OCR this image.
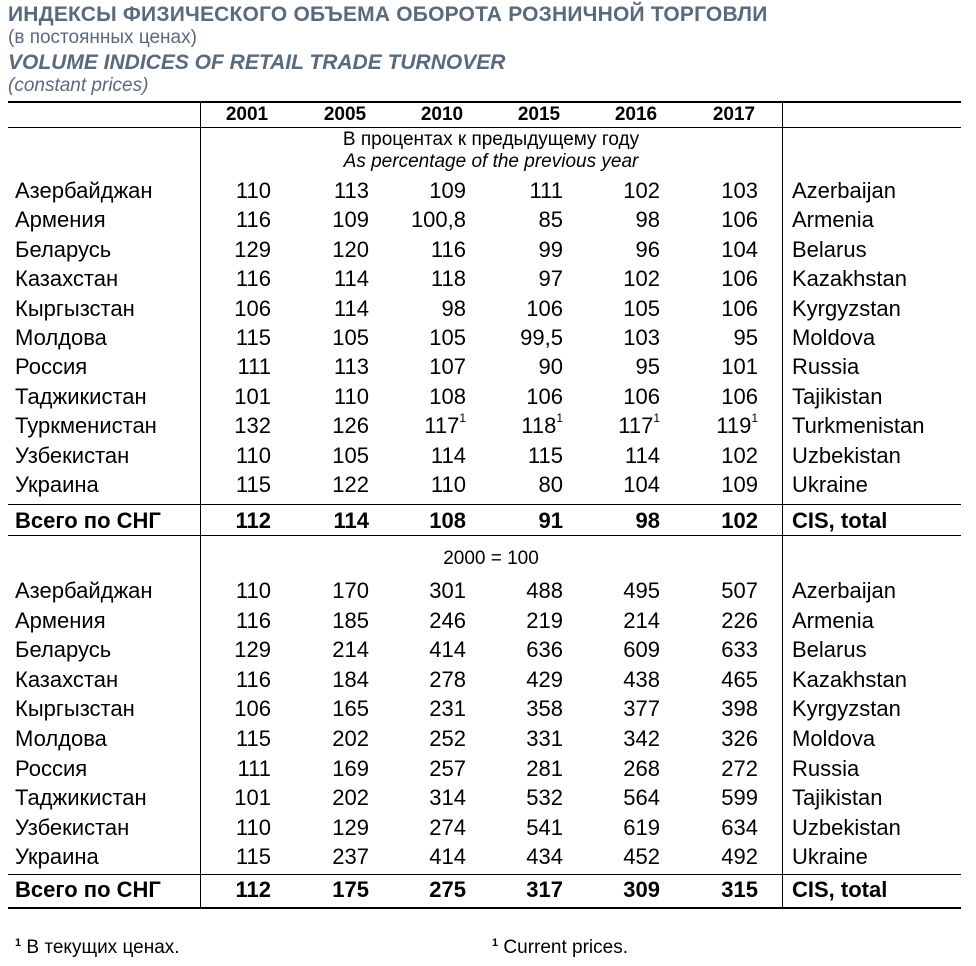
ИНДЕКСЫ ФИЗИЧЕСКОГО ОБЪЕМА ОБОРОТА РОЗНИЧНОЙ ТОРГОВЛИ
(в постоянных ценах)
VOLUME INDICES OF RETAIL TRADE TURNOVER
(constant prices)
2001	2005	2010	2015	2016	2017
В процентах к предыдущему году
As percentage of the previous year
Азербайджан	110	113	109	111	102	103 Azerbaijan
Армения	116	109	100,8	85	98	106 Armenia
Беларусь	129	120	116	99	96	104 Belarus
Казахстан	116	114	118	97	102	106 Kazakhstan
Кыргызстан	106	114	98	106	105	106 Kyrgyzstan
Молдова	115	105	105	99,5	103	95 Moldova
Россия	111	113	107	90	95	101 Russia
Таджикистан	101	110	108	106	106	106 Tajikistan
Туркменистан	132	126	$117^1$	$118^1$	$117^1$	$119^1$ Turkmenistan
Узбекистан	110	105	114	115	114	102 Uzbekistan
Украина	115	122	110	80	104	109 Ukraine
Всего по СНГ	112	114	108	91	98	102 CIS, total
2000 = 100
Азербайджан	110	170	301	488	495	507 Azerbaijan
Армения	116	185	246	219	214	226 Armenia
Беларусь	129	214	414	636	609	633 Belarus
Казахстан	116	184	278	429	438	465 Kazakhstan
Кыргызстан	106	165	231	358	377	398 Kyrgyzstan
Молдова	115	202	252	331	342	326 Moldova
Россия	111	169	257	281	268	272 Russia
Таджикистан	101	202	314	532	564	599 Tajikistan
Узбекистан	110	129	274	541	619	634 Uzbekistan
Украина	115	237	414	434	452	492 Ukraine
Всего по СНГ	112	175	275	317	309	315 CIS, total
$^1$ В текущих ценах.	$^1$ Current prices.
